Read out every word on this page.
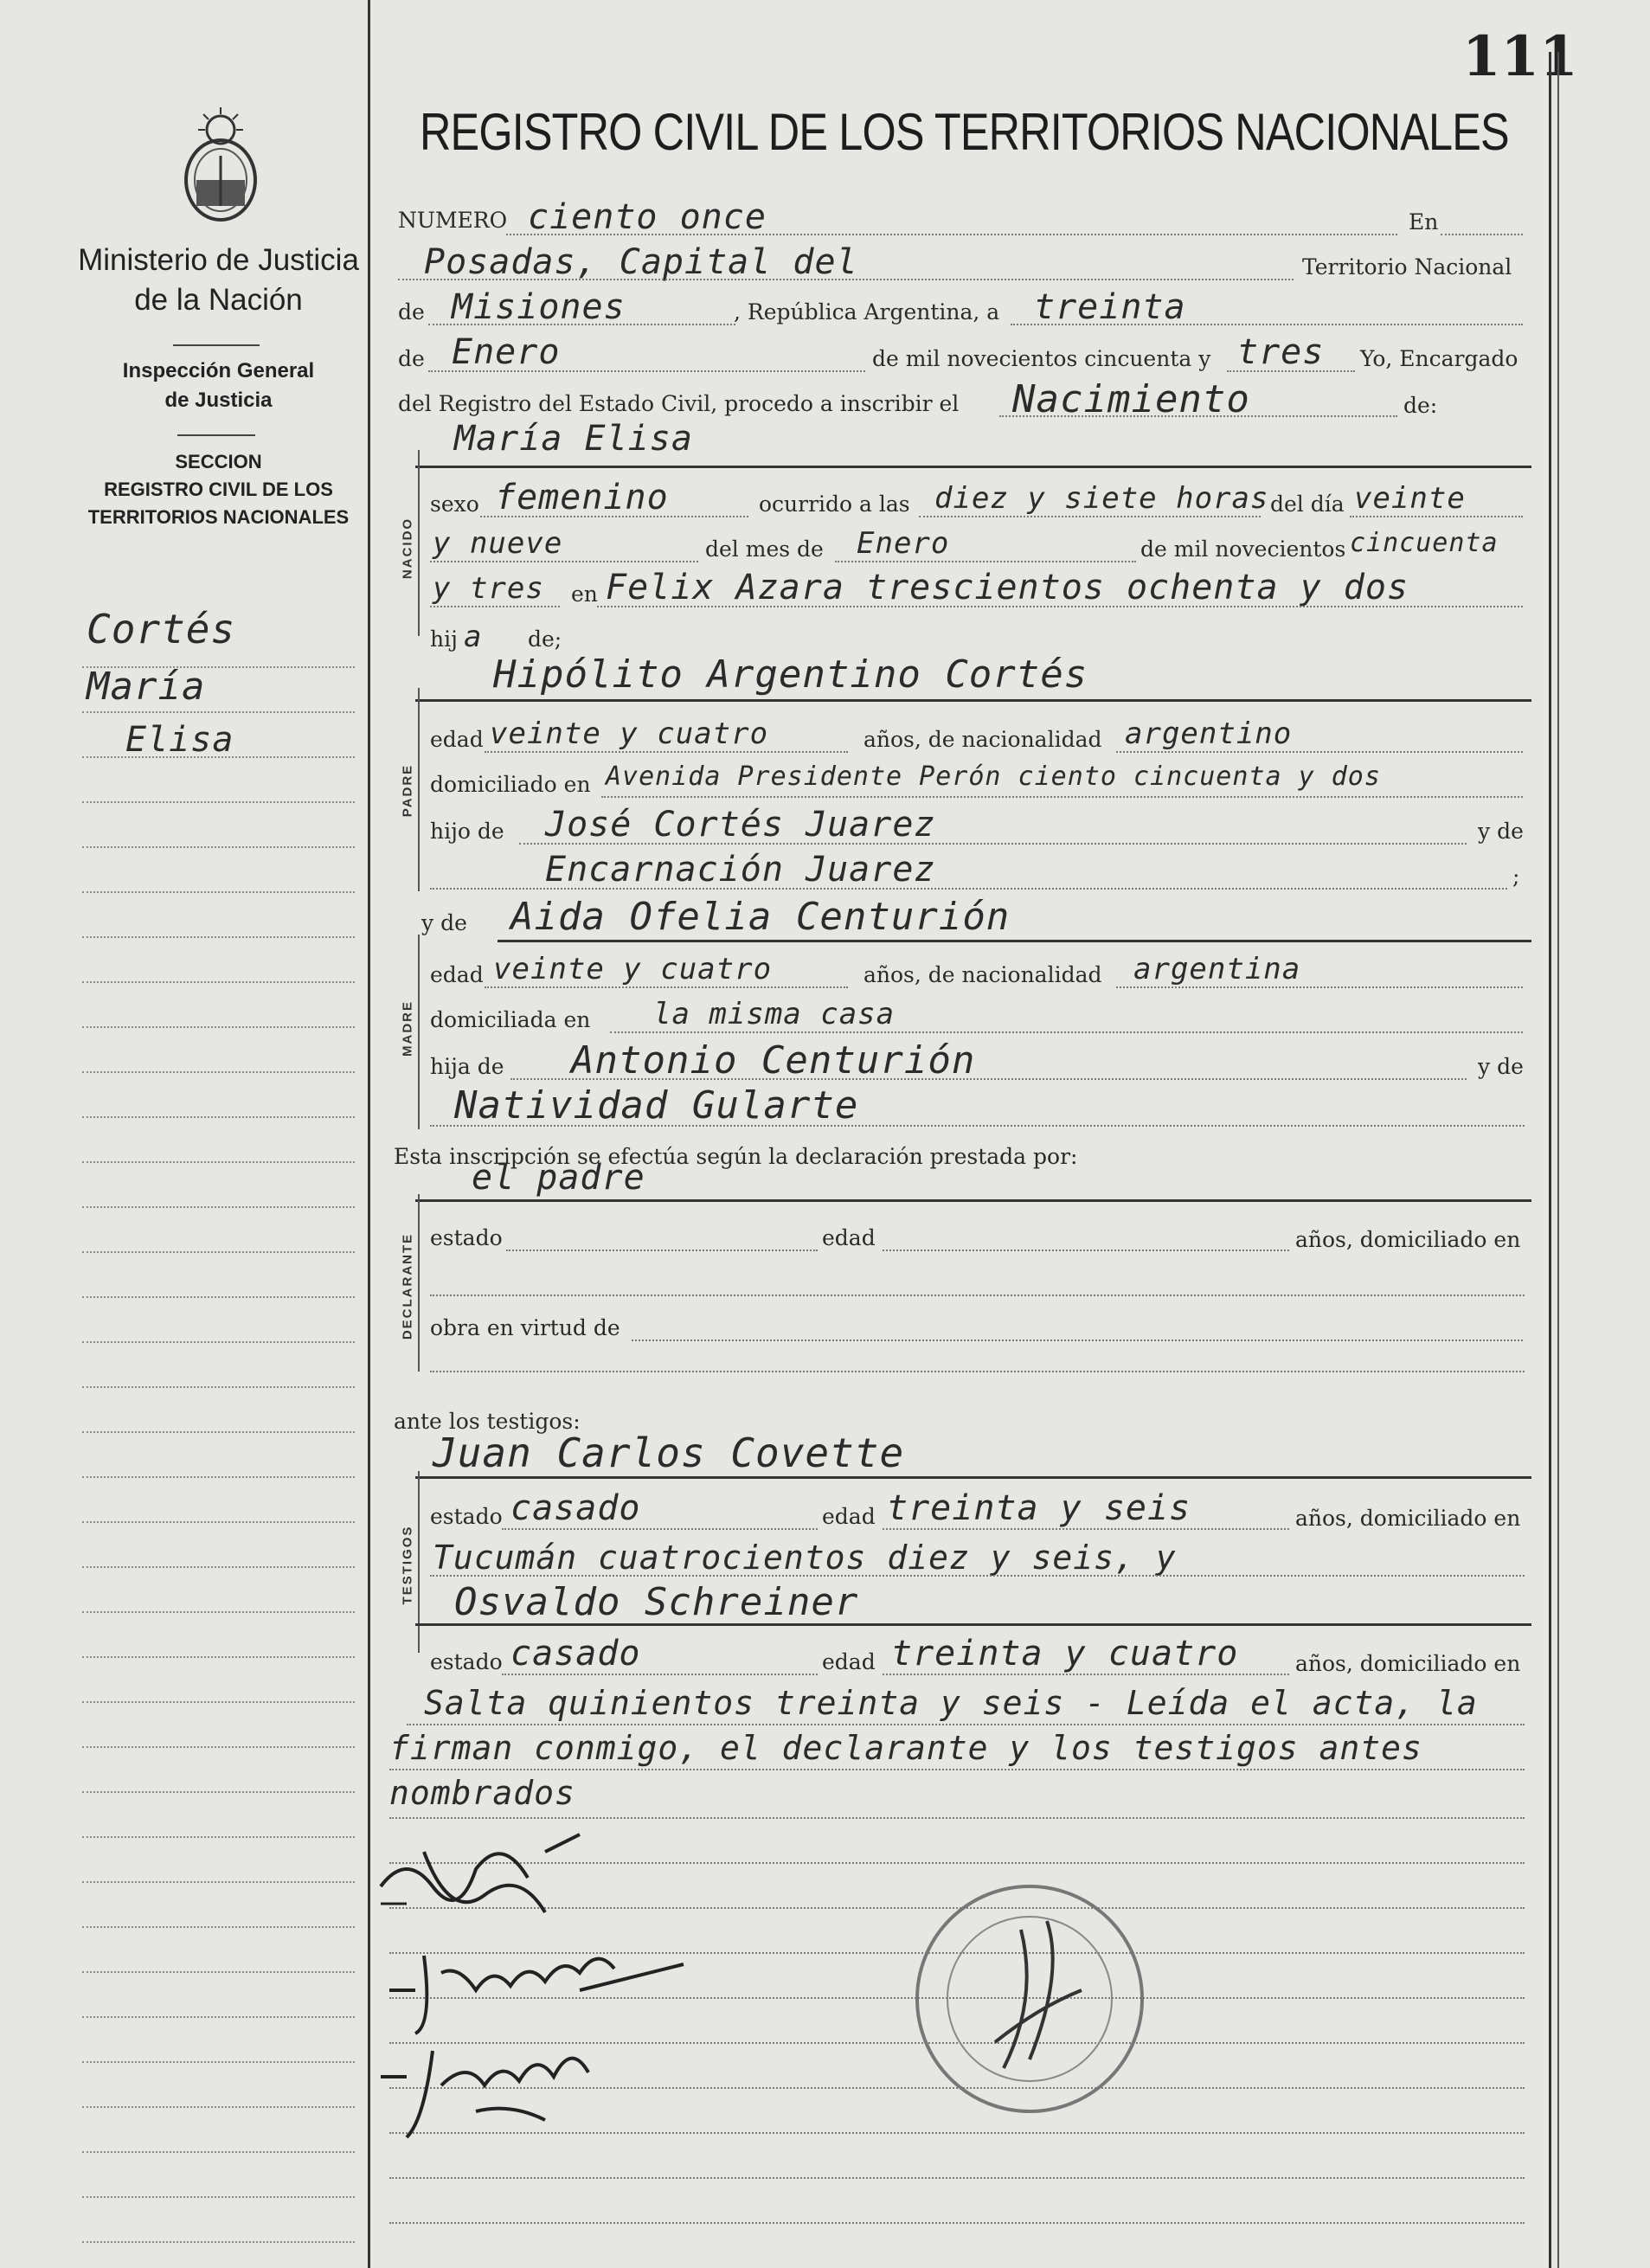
111
Ministerio de Justicia
de la Nación
Inspección General
de Justicia
SECCION
REGISTRO CIVIL DE LOS
TERRITORIOS NACIONALES
Cortés
María
Elisa
REGISTRO CIVIL DE LOS TERRITORIOS NACIONALES
NUMERO ciento once	En
Posadas, Capital del	Territorio Nacional
de Misiones	, República Argentina, a treinta
de Enero	de mil novecientos cincuenta y tres Yo, Encargado
del Registro del Estado Civil, procedo a inscribir el Nacimiento	de:
María Elisa
NACIDO
sexo femenino	ocurrido a las diez y siete horas del día veinte
y nueve	del mes de Enero	de mil novecientos cincuenta
y tres en Felix Azara trescientos ochenta y dos
hij a de;
Hipólito Argentino Cortés
PADRE
edad veinte y cuatro	años, de nacionalidad argentino
domiciliado en Avenida Presidente Perón ciento cincuenta y dos
hijo de José Cortés Juarez	y de
Encarnación Juarez	;
y de Aida Ofelia Centurión
MADRE
edad veinte y cuatro	años, de nacionalidad argentina
domiciliada en la misma casa
hija de Antonio Centurión	y de
Natividad Gularte
Esta inscripción se efectúa según la declaración prestada por:
el padre
DECLARANTE estado	edad	años, domiciliado en
obra en virtud de
ante los testigos:
Juan Carlos Covette
TESTIGOS
estado casado	edad treinta y seis	años, domiciliado en
Tucumán cuatrocientos diez y seis, y
Osvaldo Schreiner
estado casado	edad treinta y cuatro	años, domiciliado en
Salta quinientos treinta y seis - Leída el acta, la
firman conmigo, el declarante y los testigos antes
nombrados
